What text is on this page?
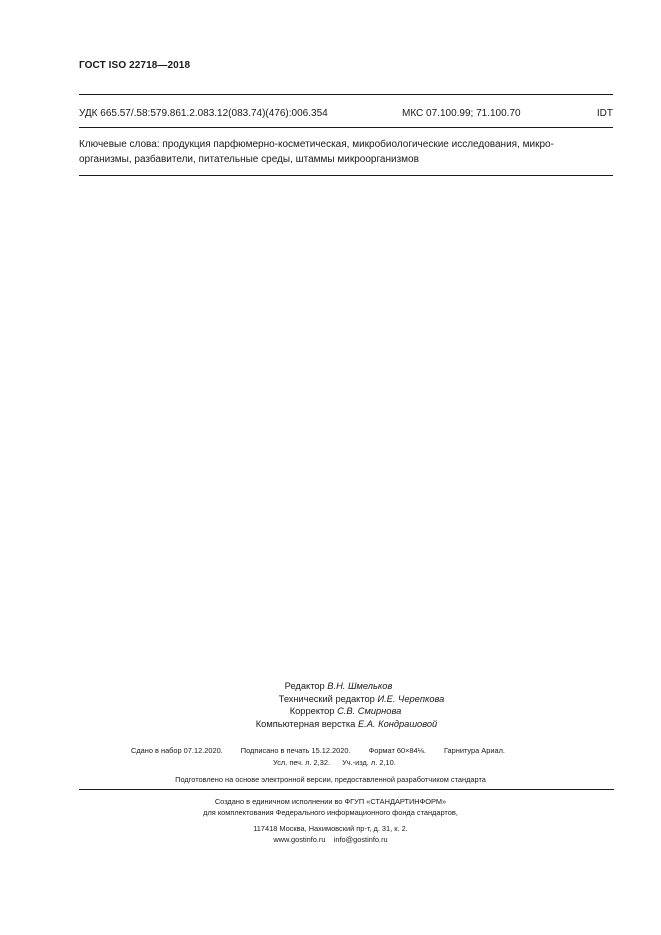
ГОСТ ISO 22718—2018
УДК 665.57/.58:579.861.2.083.12(083.74)(476):006.354	МКС 07.100.99; 71.100.70	IDT
Ключевые слова: продукция парфюмерно-косметическая, микробиологические исследования, микро-
организмы, разбавители, питательные среды, штаммы микроорганизмов
Редактор В.Н. Шмельков
Технический редактор И.Е. Черепкова
Корректор С.В. Смирнова
Компьютерная верстка Е.А. Кондрашовой
Сдано в набор 07.12.2020. Подписано в печать 15.12.2020. Формат 60×84⅛. Гарнитура Ариал.
Усл. печ. л. 2,32. Уч.-изд. л. 2,10.
Подготовлено на основе электронной версии, предоставленной разработчиком стандарта
Создано в единичном исполнении во ФГУП «СТАНДАРТИНФОРМ»
для комплектования Федерального информационного фонда стандартов,
117418 Москва, Нахимовский пр-т, д. 31, к. 2.
www.gostinfo.ru info@gostinfo.ru
